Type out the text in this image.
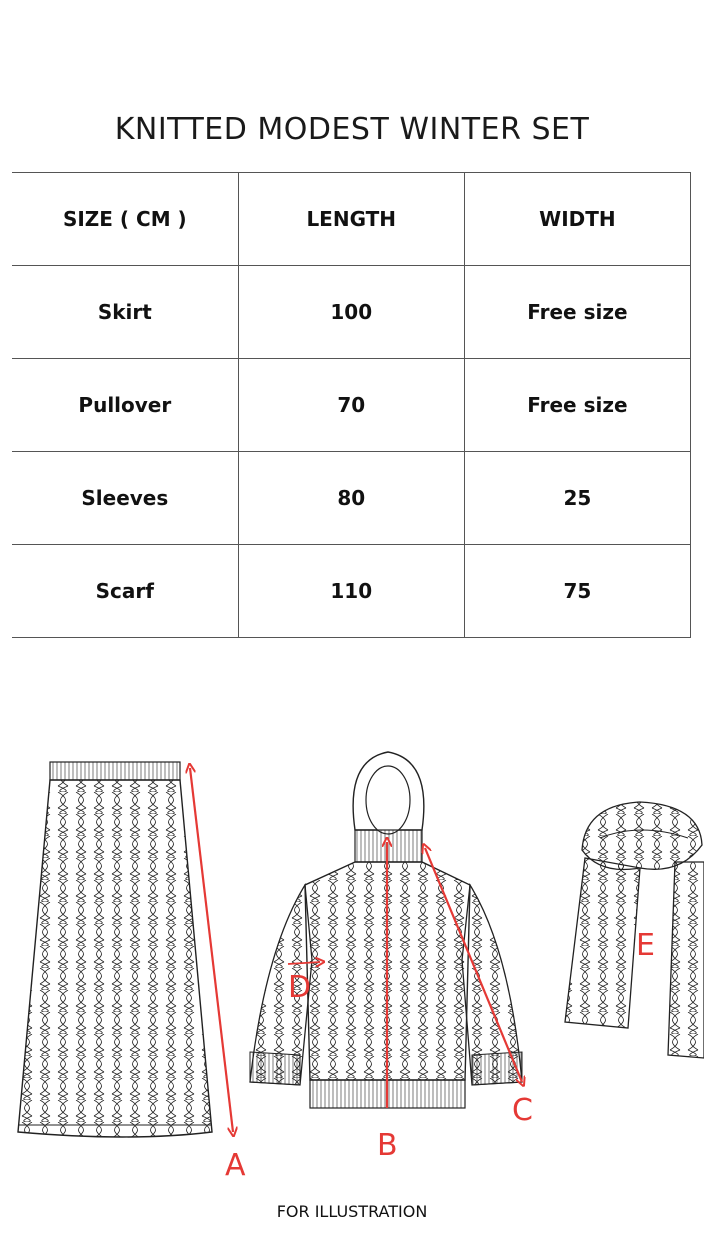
KNITTED MODEST WINTER SET
SIZE ( CM )	LENGTH	WIDTH
Skirt	100	Free size
Pullover	70	Free size
Sleeves	80	25
Scarf	110	75
A
B
C
D
E
FOR ILLUSTRATION
